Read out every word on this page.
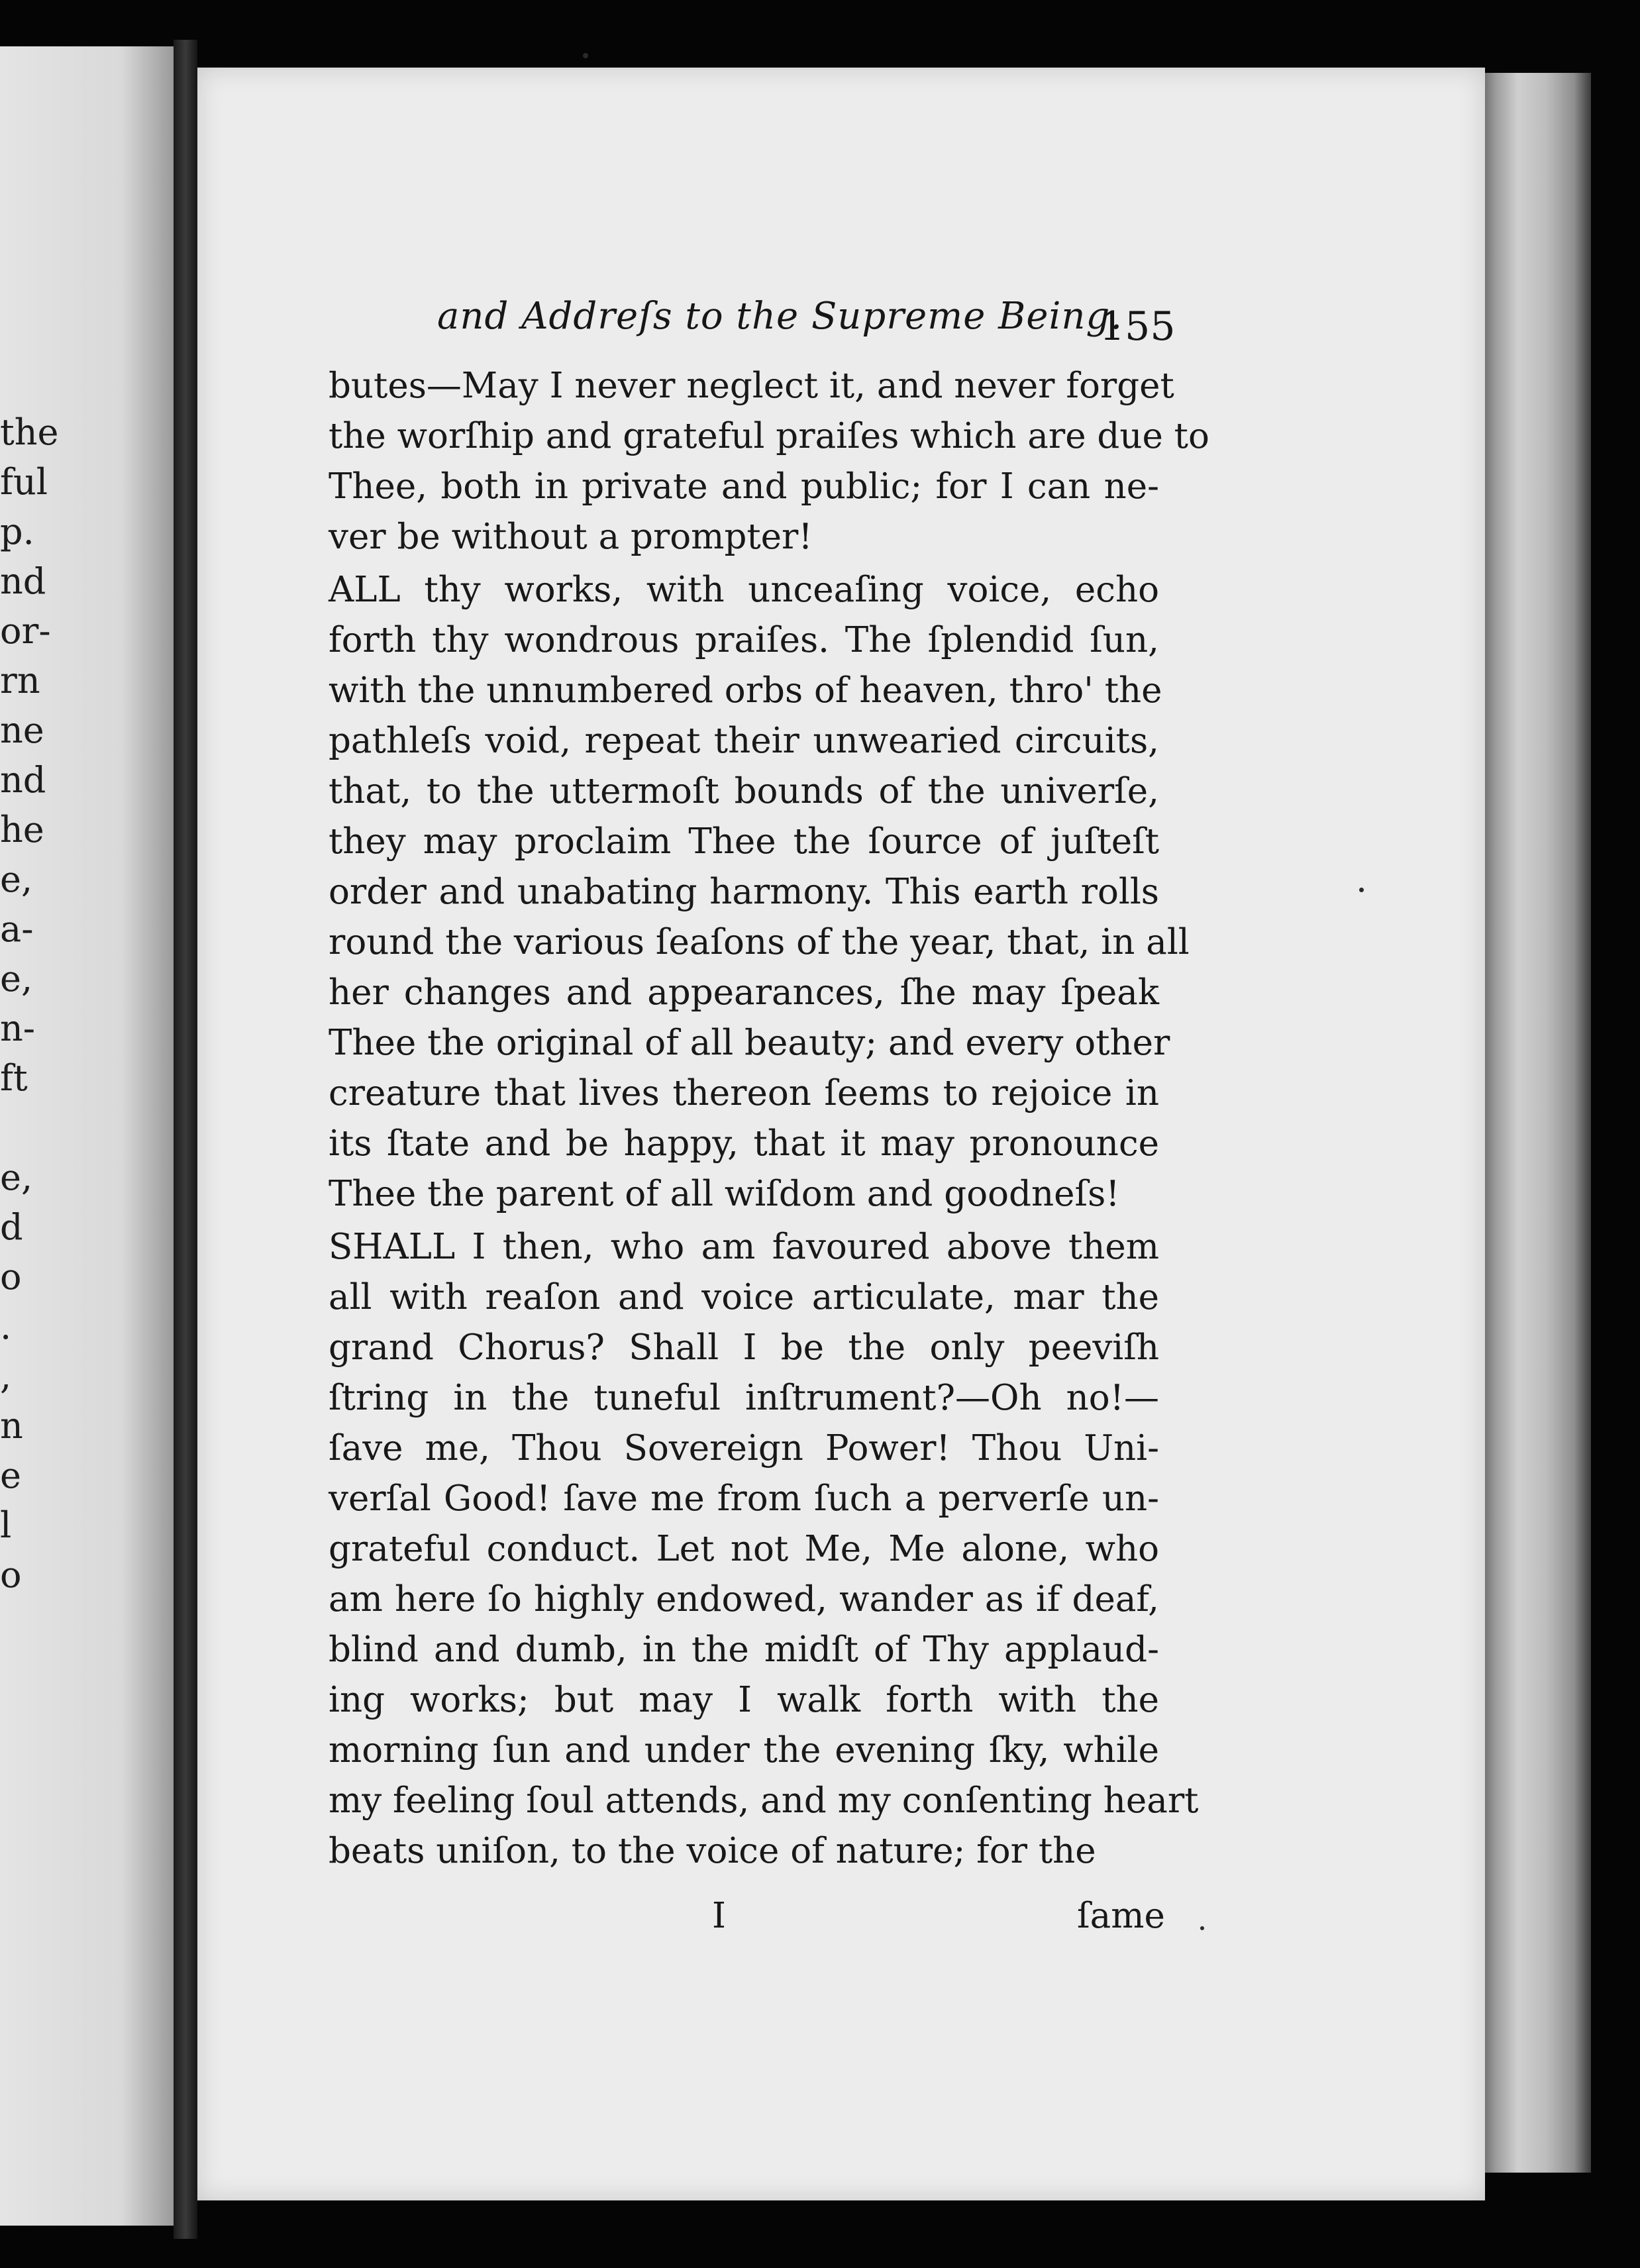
the
ful
p.
nd
or-
rn
ne
nd
he
e,
a-
e,
n-
ft

e,
d
o
.
,
n
e
l
o
and Addreſs to the Supreme Being.
155
butes—May I never neglect it, and never forget
the worſhip and grateful praiſes which are due to
Thee, both in private and public; for I can ne-
ver be without a prompter!
ALL thy works, with unceaſing voice, echo
forth thy wondrous praiſes. The ſplendid ſun,
with the unnumbered orbs of heaven, thro' the
pathleſs void, repeat their unwearied circuits,
that, to the uttermoſt bounds of the univerſe,
they may proclaim Thee the ſource of juſteſt
order and unabating harmony. This earth rolls
round the various ſeaſons of the year, that, in all
her changes and appearances, ſhe may ſpeak
Thee the original of all beauty; and every other
creature that lives thereon ſeems to rejoice in
its ſtate and be happy, that it may pronounce
Thee the parent of all wiſdom and goodneſs!
SHALL I then, who am favoured above them
all with reaſon and voice articulate, mar the
grand Chorus? Shall I be the only peeviſh
ſtring in the tuneful inſtrument?—Oh no!—
ſave me, Thou Sovereign Power! Thou Uni-
verſal Good! ſave me from ſuch a perverſe un-
grateful conduct. Let not Me, Me alone, who
am here ſo highly endowed, wander as if deaf,
blind and dumb, in the midſt of Thy applaud-
ing works; but may I walk forth with the
morning ſun and under the evening ſky, while
my feeling ſoul attends, and my conſenting heart
beats uniſon, to the voice of nature; for the
I	ſame
